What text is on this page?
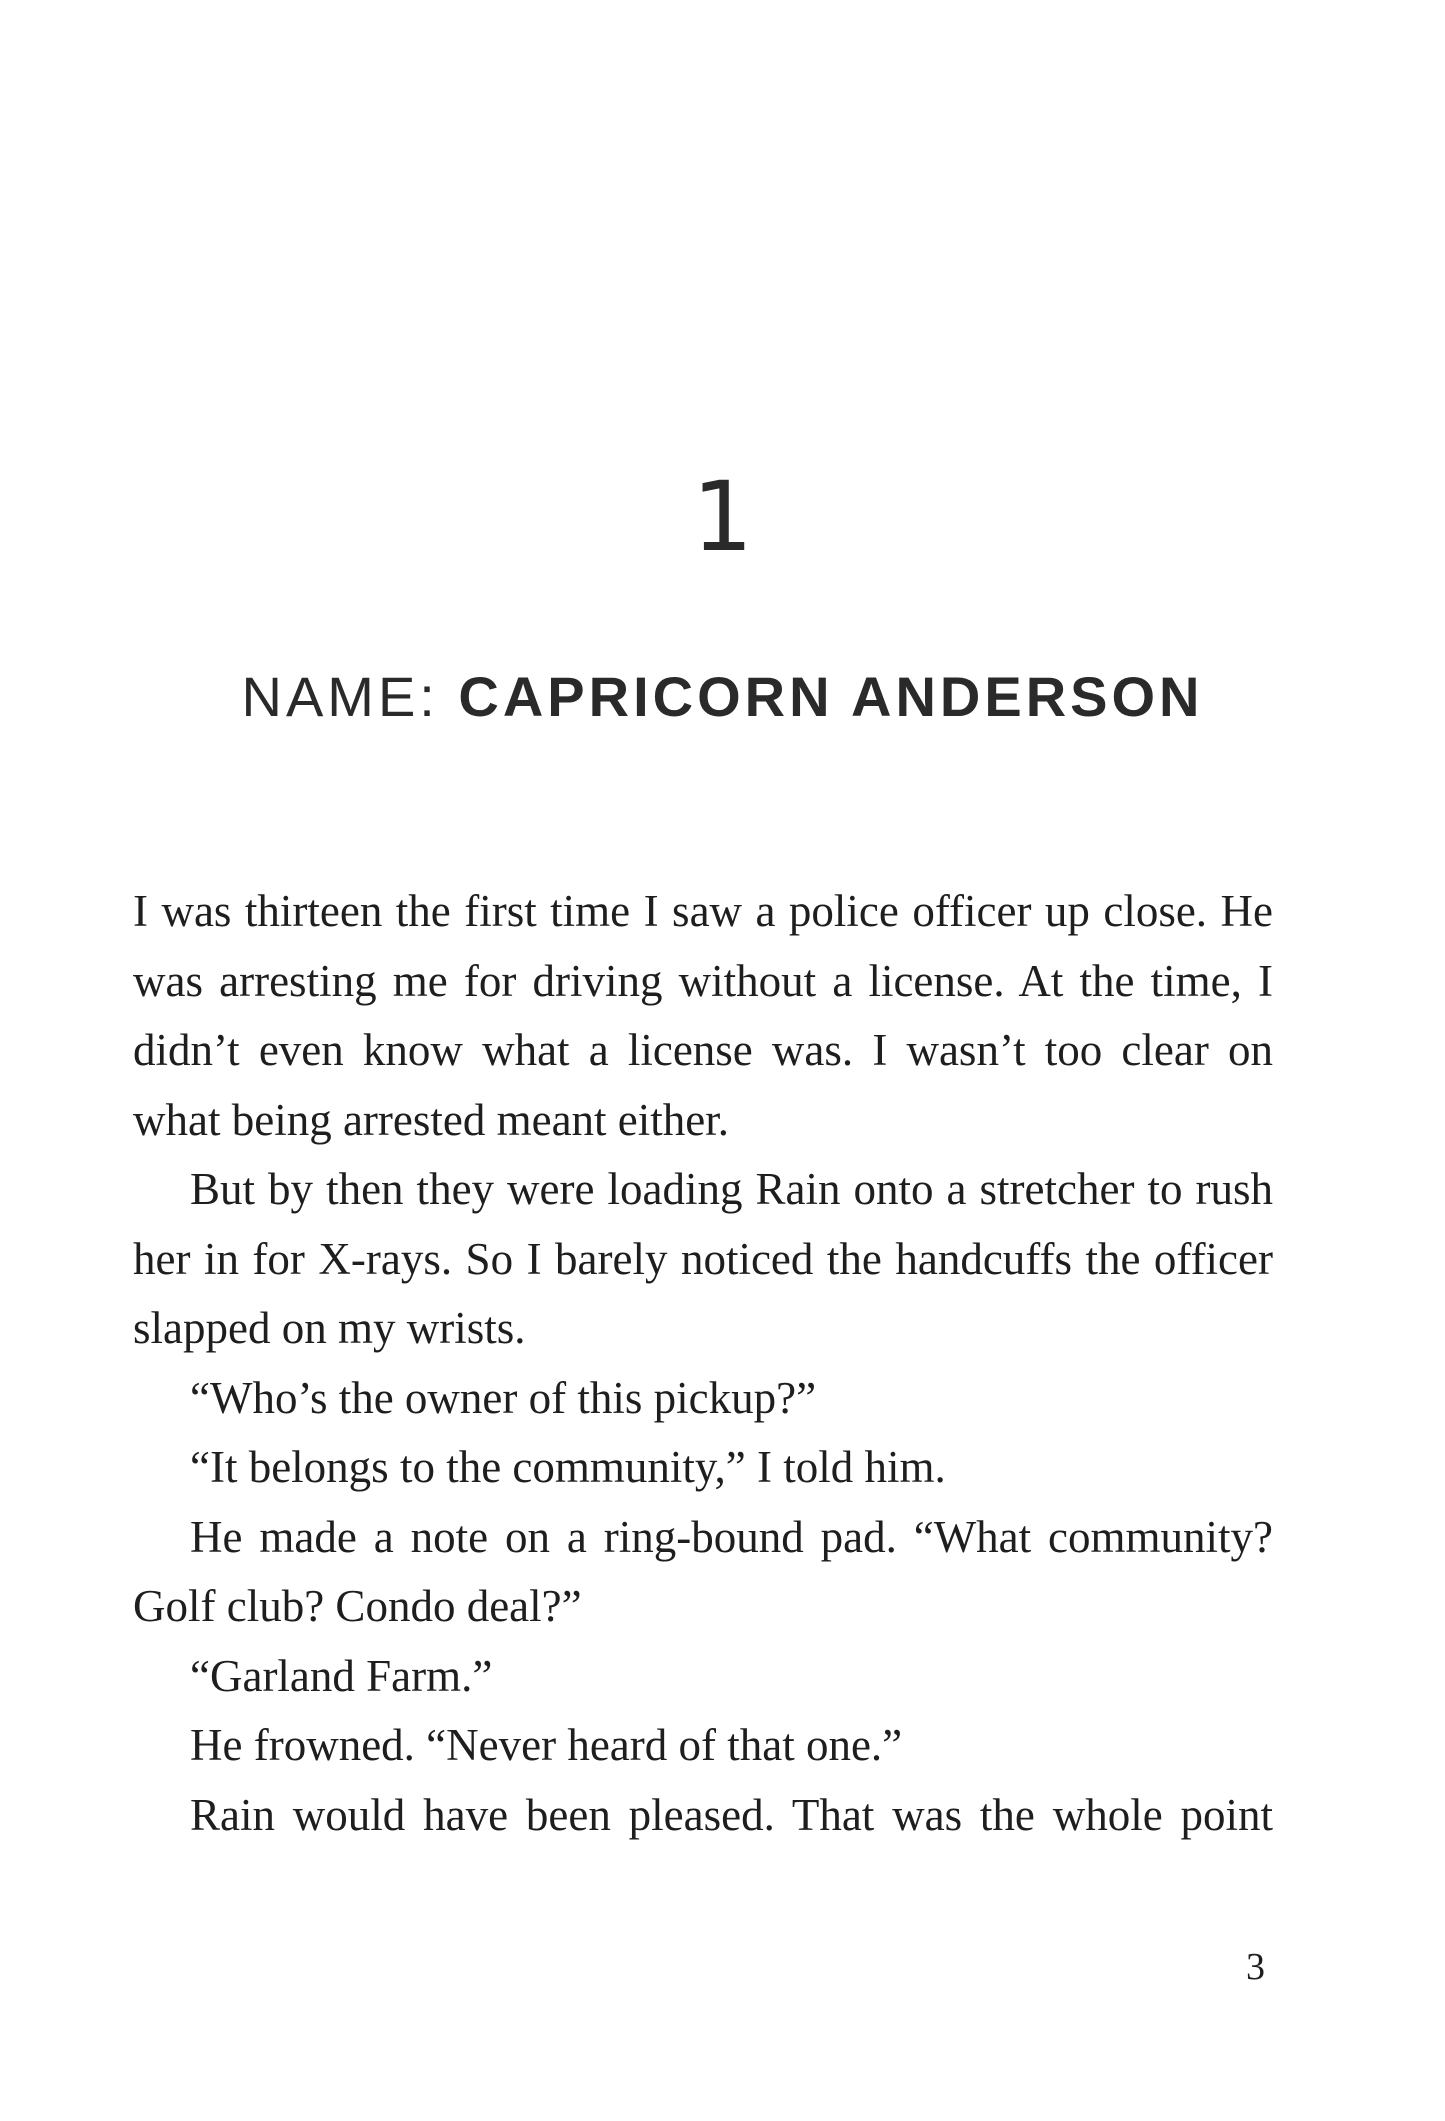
1
NAME: CAPRICORN ANDERSON

I was thirteen the first time I saw a police officer up close. He was arresting me for driving without a license. At the time, I didn’t even know what a license was. I wasn’t too clear on what being arrested meant either.

But by then they were loading Rain onto a stretcher to rush her in for X-rays. So I barely noticed the handcuffs the officer slapped on my wrists.

“Who’s the owner of this pickup?”

“It belongs to the community,” I told him.

He made a note on a ring-bound pad. “What community? Golf club? Condo deal?”

“Garland Farm.”

He frowned. “Never heard of that one.”

Rain would have been pleased. That was the whole point

3
